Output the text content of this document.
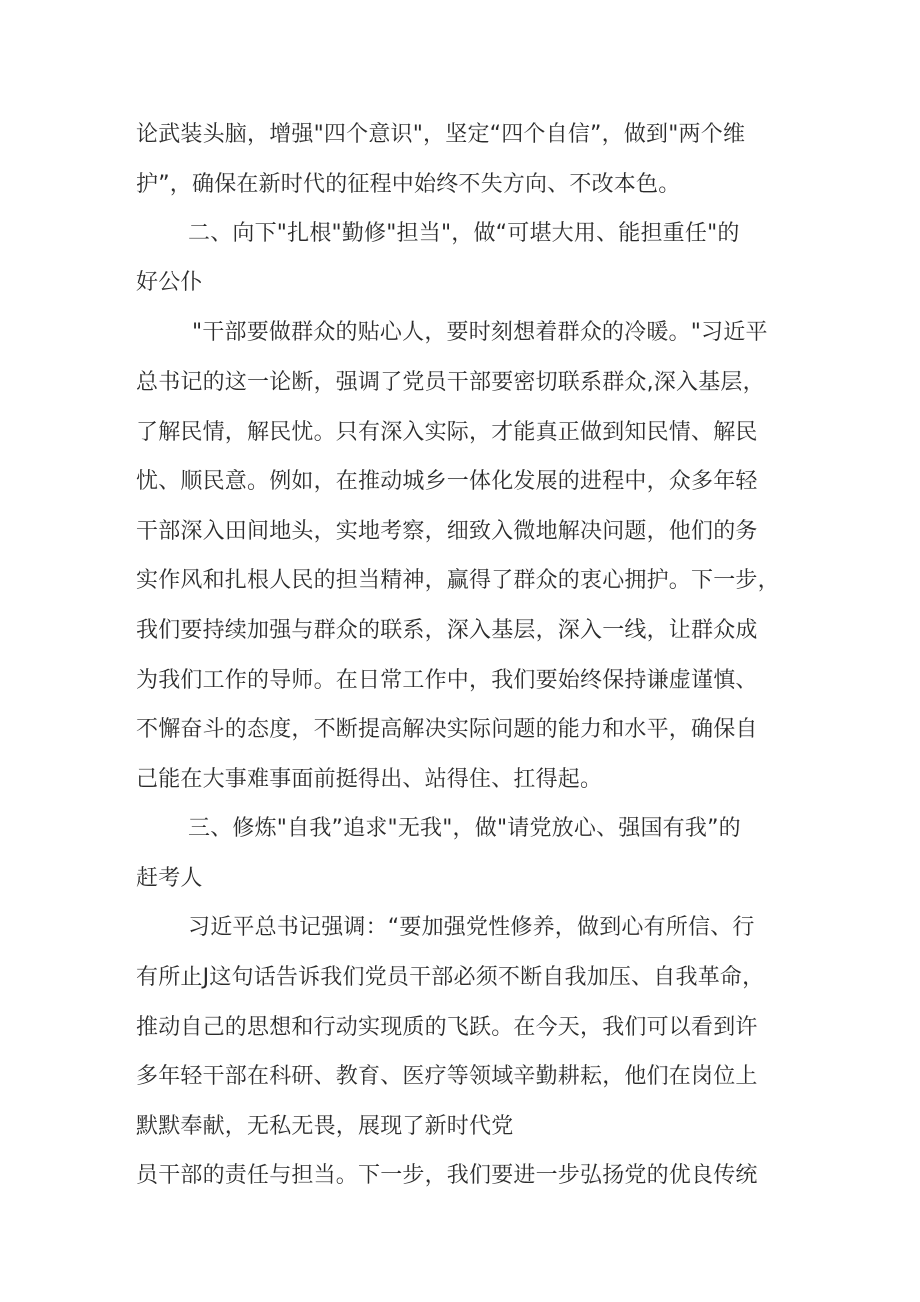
论武装头脑，增强"四个意识"，坚定“四个自信”，做到"两个维
护”，确保在新时代的征程中始终不失方向、不改本色。
二、向下"扎根"勤修"担当"，做“可堪大用、能担重任"的
好公仆
"干部要做群众的贴心人，要时刻想着群众的冷暖。"习近平
总书记的这一论断，强调了党员干部要密切联系群众,深入基层，
了解民情，解民忧。只有深入实际，才能真正做到知民情、解民
忧、顺民意。例如，在推动城乡一体化发展的进程中，众多年轻
干部深入田间地头，实地考察，细致入微地解决问题，他们的务
实作风和扎根人民的担当精神，赢得了群众的衷心拥护。下一步，
我们要持续加强与群众的联系，深入基层，深入一线，让群众成
为我们工作的导师。在日常工作中，我们要始终保持谦虚谨慎、
不懈奋斗的态度，不断提高解决实际问题的能力和水平，确保自
己能在大事难事面前挺得出、站得住、扛得起。
三、修炼"自我”追求"无我"，做"请党放心、强国有我”的
赶考人
习近平总书记强调：“要加强党性修养，做到心有所信、行
有所止J这句话告诉我们党员干部必须不断自我加压、自我革命，
推动自己的思想和行动实现质的飞跃。在今天，我们可以看到许
多年轻干部在科研、教育、医疗等领域辛勤耕耘，他们在岗位上
默默奉献，无私无畏，展现了新时代党
员干部的责任与担当。下一步，我们要进一步弘扬党的优良传统
